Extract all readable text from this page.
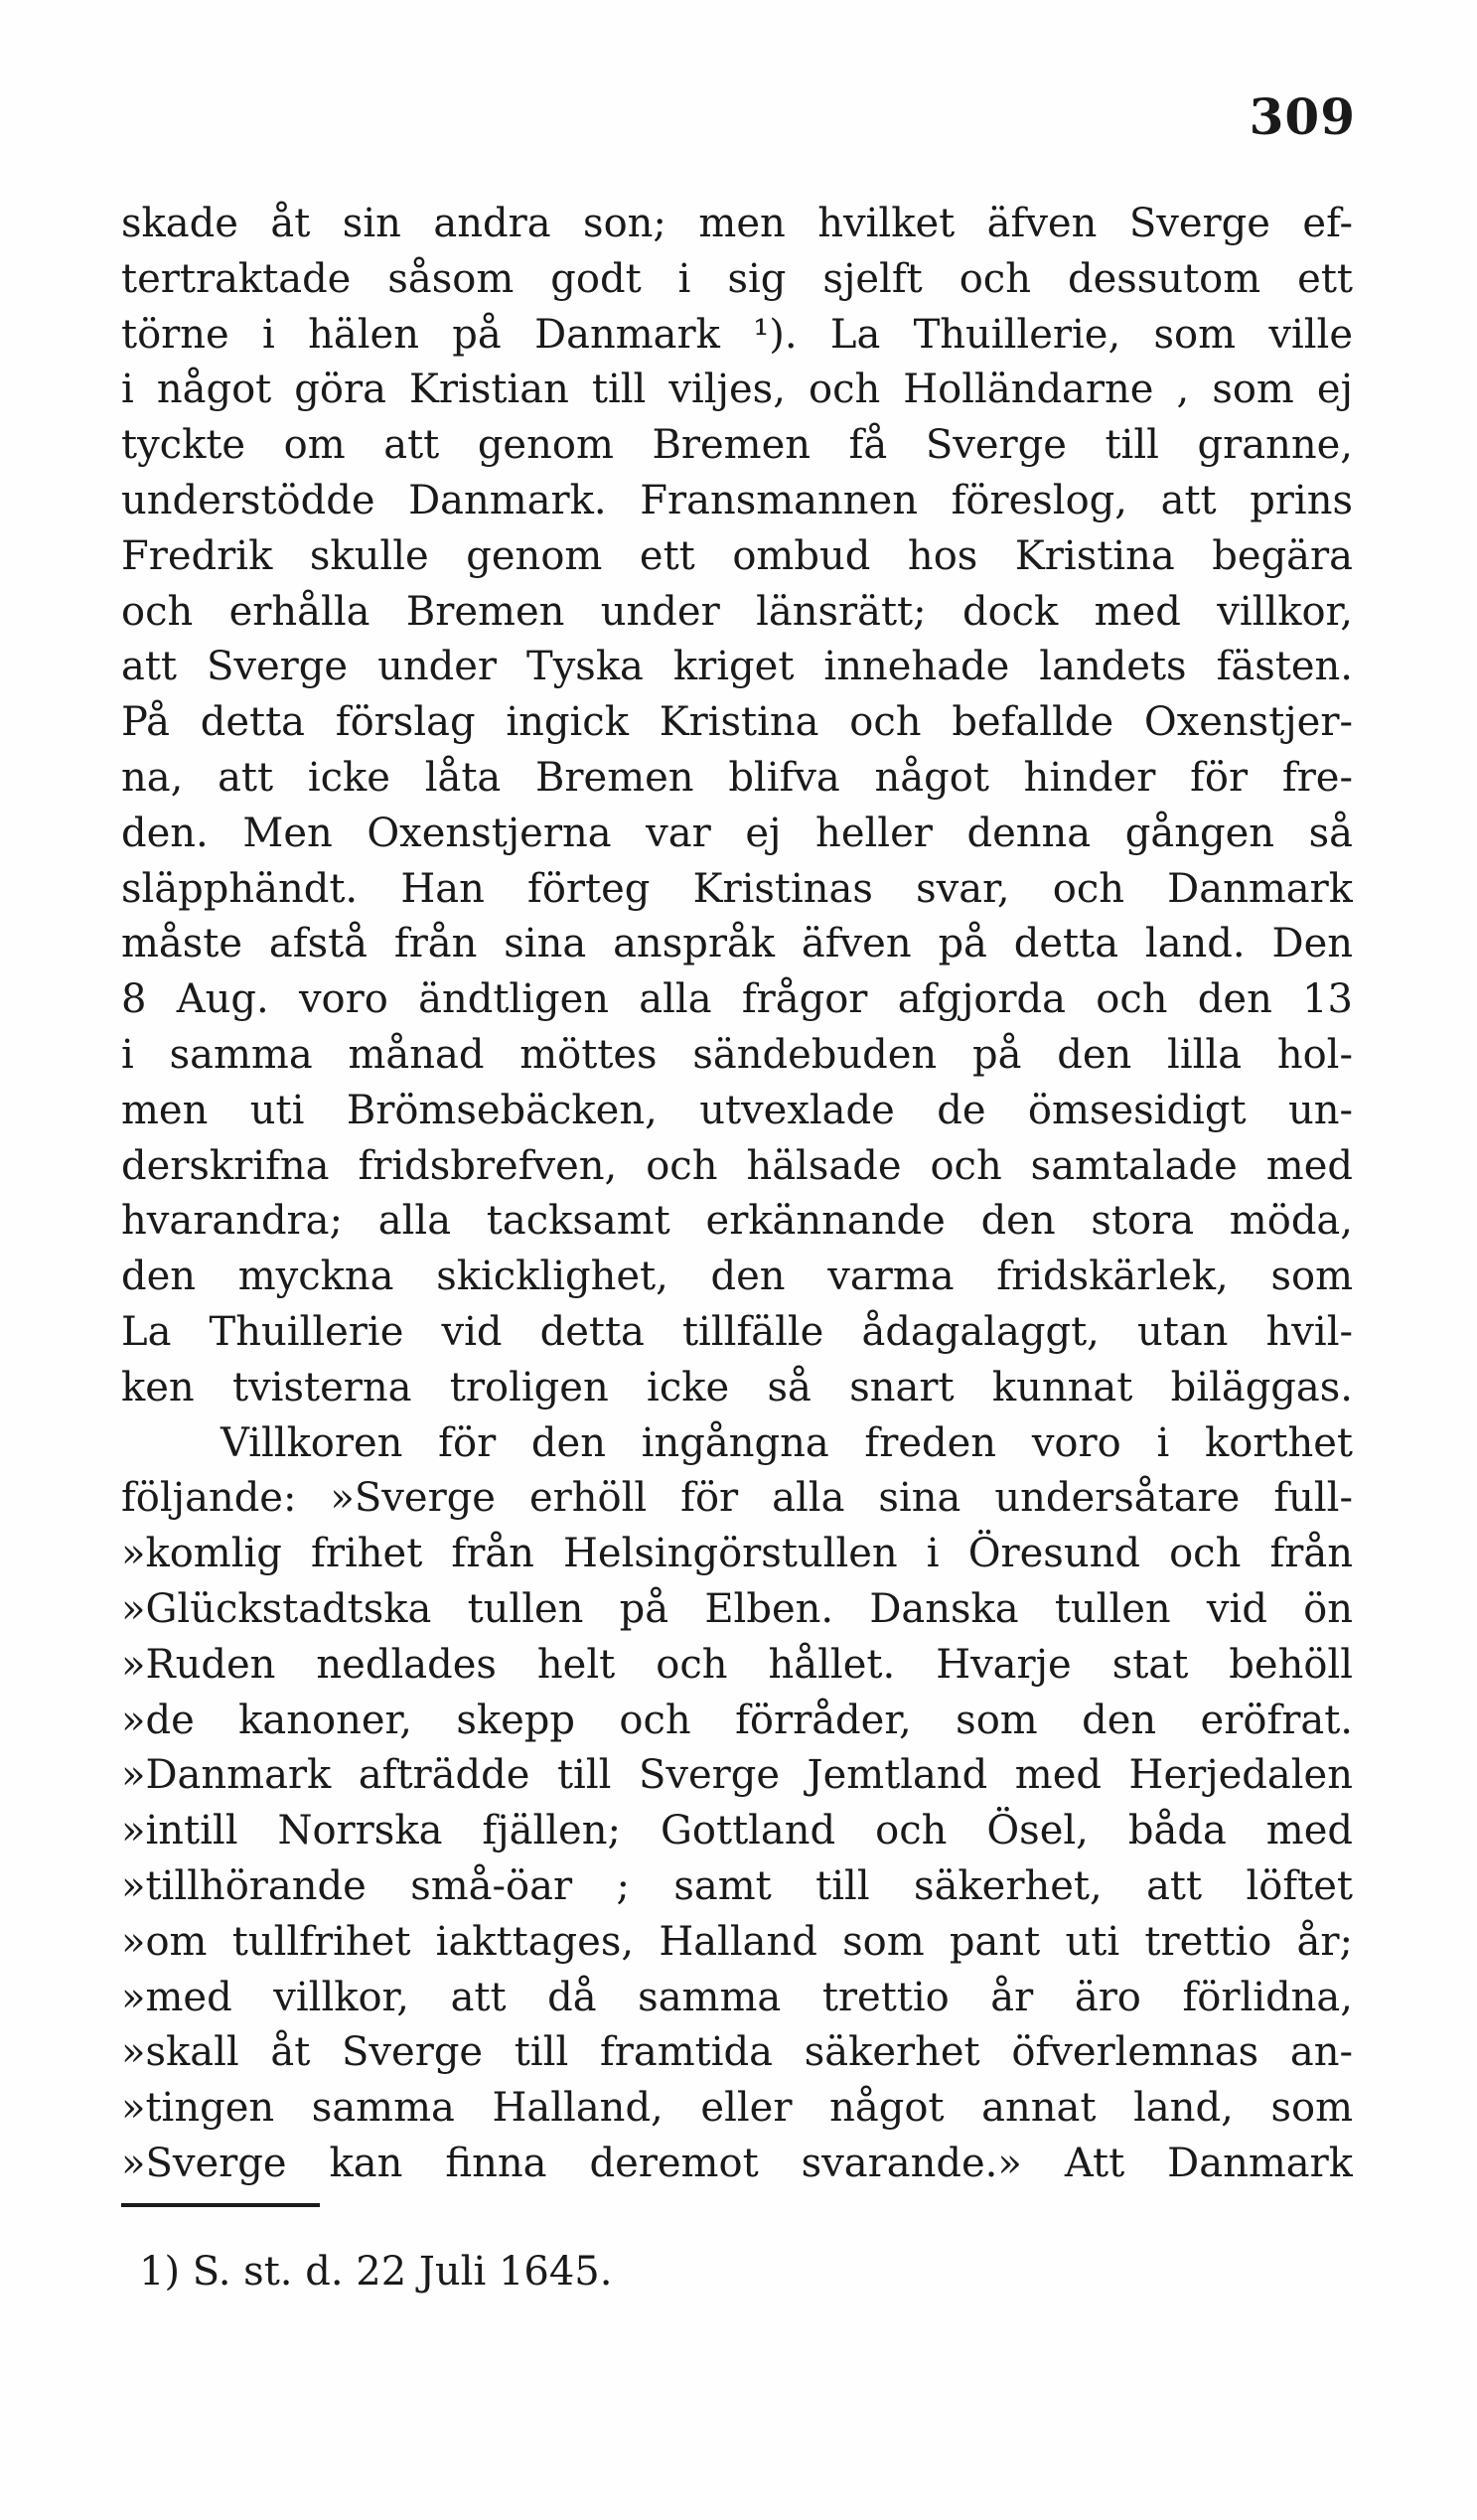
309
skade åt sin andra son; men hvilket äfven Sverge ef-
tertraktade såsom godt i sig sjelft och dessutom ett
törne i hälen på Danmark ¹). La Thuillerie, som ville
i något göra Kristian till viljes, och Holländarne , som ej
tyckte om att genom Bremen få Sverge till granne,
understödde Danmark. Fransmannen föreslog, att prins
Fredrik skulle genom ett ombud hos Kristina begära
och erhålla Bremen under länsrätt; dock med villkor,
att Sverge under Tyska kriget innehade landets fästen.
På detta förslag ingick Kristina och befallde Oxenstjer-
na, att icke låta Bremen blifva något hinder för fre-
den. Men Oxenstjerna var ej heller denna gången så
släpphändt. Han förteg Kristinas svar, och Danmark
måste afstå från sina anspråk äfven på detta land. Den
8 Aug. voro ändtligen alla frågor afgjorda och den 13
i samma månad möttes sändebuden på den lilla hol-
men uti Brömsebäcken, utvexlade de ömsesidigt un-
derskrifna fridsbrefven, och hälsade och samtalade med
hvarandra; alla tacksamt erkännande den stora möda,
den myckna skicklighet, den varma fridskärlek, som
La Thuillerie vid detta tillfälle ådagalaggt, utan hvil-
ken tvisterna troligen icke så snart kunnat biläggas.
Villkoren för den ingångna freden voro i korthet
följande: »Sverge erhöll för alla sina undersåtare full-
»komlig frihet från Helsingörstullen i Öresund och från
»Glückstadtska tullen på Elben. Danska tullen vid ön
»Ruden nedlades helt och hållet. Hvarje stat behöll
»de kanoner, skepp och förråder, som den eröfrat.
»Danmark afträdde till Sverge Jemtland med Herjedalen
»intill Norrska fjällen; Gottland och Ösel, båda med
»tillhörande små-öar ; samt till säkerhet, att löftet
»om tullfrihet iakttages, Halland som pant uti trettio år;
»med villkor, att då samma trettio år äro förlidna,
»skall åt Sverge till framtida säkerhet öfverlemnas an-
»tingen samma Halland, eller något annat land, som
»Sverge kan finna deremot svarande.» Att Danmark
1) S. st. d. 22 Juli 1645.
